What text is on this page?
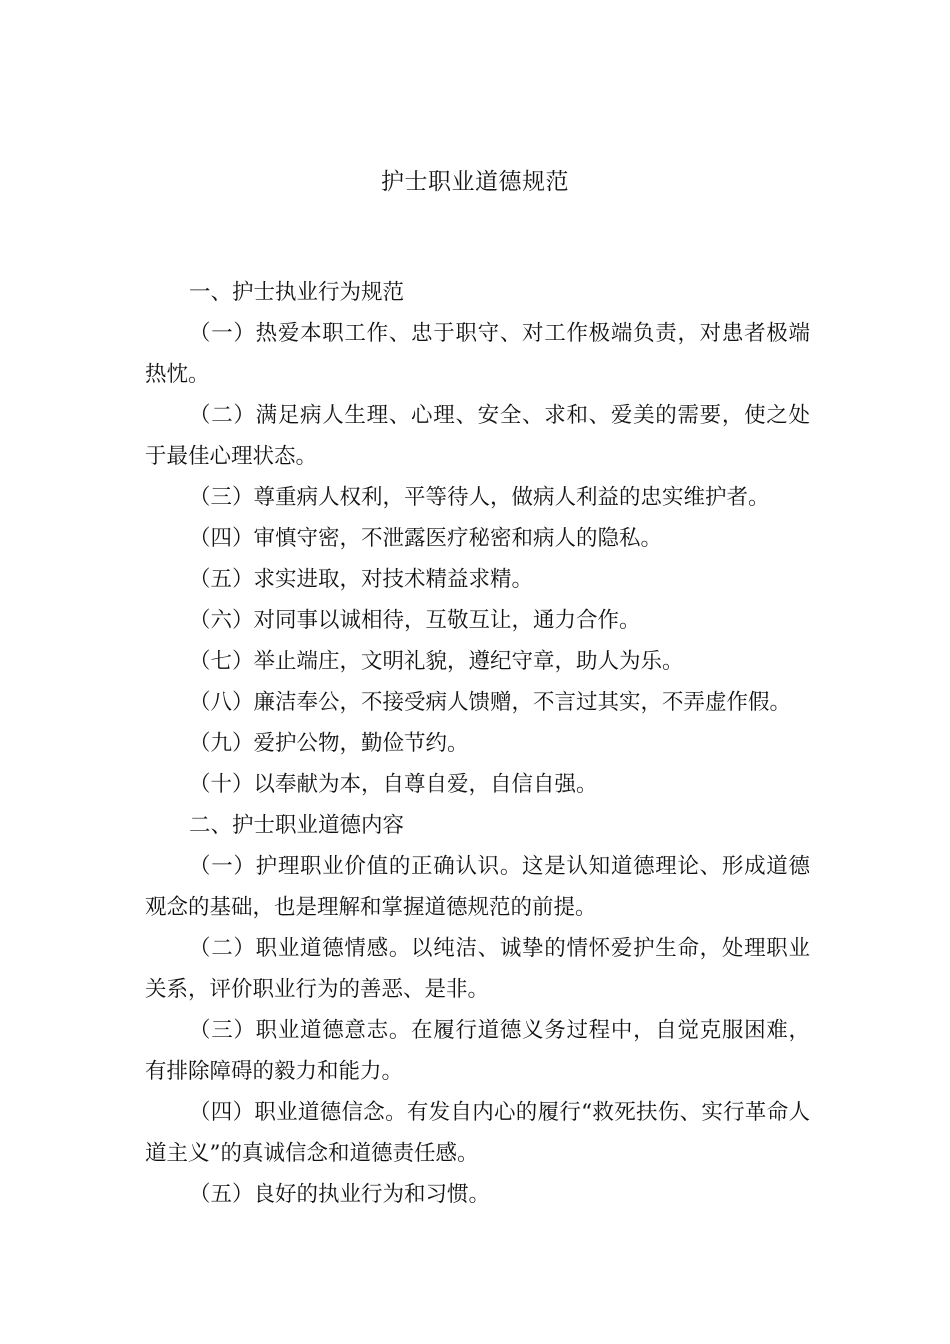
护士职业道德规范

一、护士执业行为规范

（一）热爱本职工作、忠于职守、对工作极端负责，对患者极端热忱。

（二）满足病人生理、心理、安全、求和、爱美的需要，使之处于最佳心理状态。

（三）尊重病人权利，平等待人，做病人利益的忠实维护者。

（四）审慎守密，不泄露医疗秘密和病人的隐私。

（五）求实进取，对技术精益求精。

（六）对同事以诚相待，互敬互让，通力合作。

（七）举止端庄，文明礼貌，遵纪守章，助人为乐。

（八）廉洁奉公，不接受病人馈赠，不言过其实，不弄虚作假。

（九）爱护公物，勤俭节约。

（十）以奉献为本，自尊自爱，自信自强。

二、护士职业道德内容

（一）护理职业价值的正确认识。这是认知道德理论、形成道德观念的基础，也是理解和掌握道德规范的前提。

（二）职业道德情感。以纯洁、诚挚的情怀爱护生命，处理职业关系，评价职业行为的善恶、是非。

（三）职业道德意志。在履行道德义务过程中，自觉克服困难，有排除障碍的毅力和能力。

（四）职业道德信念。有发自内心的履行“救死扶伤、实行革命人道主义”的真诚信念和道德责任感。

（五）良好的执业行为和习惯。
